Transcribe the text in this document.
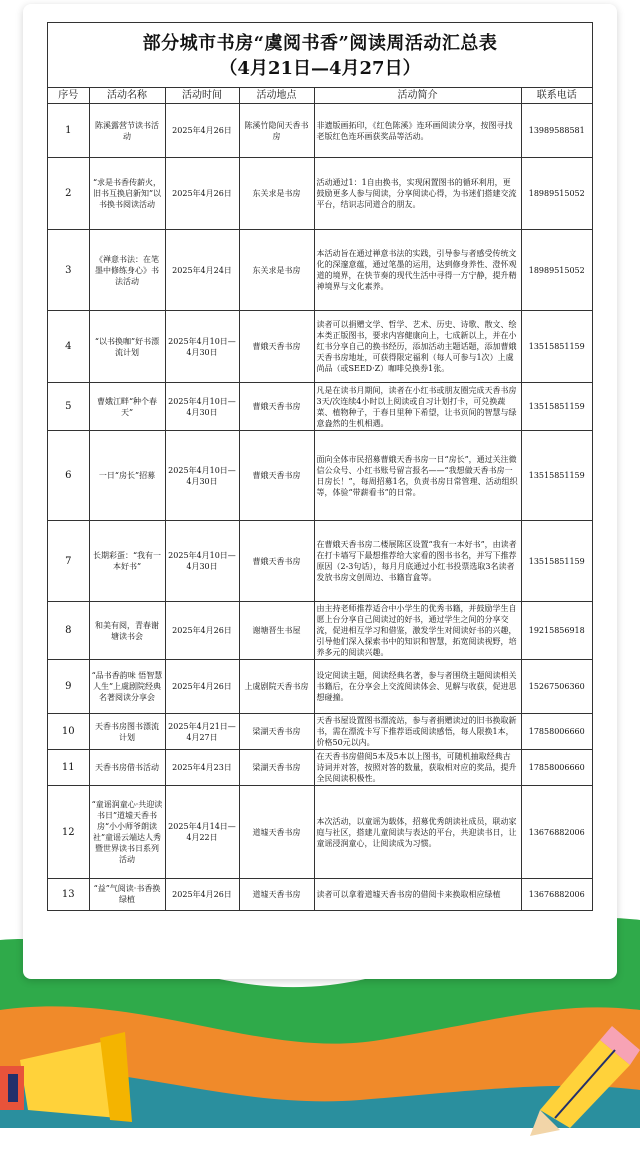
部分城市书房“虞阅书香”阅读周活动汇总表
（4月21日—4月27日）
序号	活动名称	活动时间	活动地点	活动简介	联系电话
1	陈溪露营节读书活动	2025年4月26日	陈溪竹隐间天香书房	非遗版画拓印，《红色陈溪》连环画阅读分享，按图寻找老版红色连环画获奖品等活动。	13989588581
2	“求是书香传薪火，旧书互换启新知”以书换书阅读活动	2025年4月26日	东关求是书房	活动通过1：1自由换书，实现闲置图书的循环利用，更鼓励更多人参与阅读，分享阅读心得，为书迷们搭建交流平台，结识志同道合的朋友。	18989515052
3	《禅意书法：在笔墨中修练身心》书法活动	2025年4月24日	东关求是书房	本活动旨在通过禅意书法的实践，引导参与者感受传统文化的深邃意蕴，通过笔墨的运用，达到修身养性、澄怀观道的境界，在快节奏的现代生活中寻得一方宁静，提升精神境界与文化素养。	18989515052
4	“以书换咖”好书漂流计划	2025年4月10日—4月30日	曹娥天香书房	读者可以捐赠文学、哲学、艺术、历史、诗歌、散文、绘本类正版图书，要求内容健康向上，七成新以上，并在小红书分享自己的换书经历，添加活动主题话题，添加曹娥天香书房地址，可获得限定福利（每人可参与1次）上虞尚品（或SEED·Z）咖啡兑换券1张。	13515851159
5	曹娥江畔“种个春天”	2025年4月10日—4月30日	曹娥天香书房	凡是在读书月期间，读者在小红书或朋友圈完成天香书房3天/次连续4小时以上阅读或自习计划打卡，可兑换蔬菜、植物种子，于春日里种下希望，让书页间的智慧与绿意盎然的生机相遇。	13515851159
6	一日“房长”招募	2025年4月10日—4月30日	曹娥天香书房	面向全体市民招募曹娥天香书房一日“房长”，通过关注微信公众号、小红书账号留言报名——“我想做天香书房一日房长！”，每周招募1名，负责书房日常管理、活动组织等，体验“带薪看书”的日常。	13515851159
7	长期彩蛋：“我有一本好书”	2025年4月10日—4月30日	曹娥天香书房	在曹娥天香书房二楼展陈区设置“我有一本好书”，由读者在打卡墙写下最想推荐给大家看的图书书名，并写下推荐原因（2-3句话），每月月底通过小红书投票选取3名读者发放书房文创周边、书籍盲盒等。	13515851159
8	和美有阅，青春谢塘读书会	2025年4月26日	谢塘晋生书屋	由主持老师推荐适合中小学生的优秀书籍，并鼓励学生自愿上台分享自己阅读过的好书，通过学生之间的分享交流，促进相互学习和借鉴，激发学生对阅读好书的兴趣，引导他们深入探索书中的知识和智慧，拓宽阅读视野，培养多元的阅读兴趣。	19215856918
9	“品书香韵味 悟智慧人生”上虞剧院经典名著阅读分享会	2025年4月26日	上虞剧院天香书房	设定阅读主题，阅读经典名著，参与者围绕主题阅读相关书籍后，在分享会上交流阅读体会、见解与收获，促进思想碰撞。	15267506360
10	天香书房图书漂流计划	2025年4月21日—4月27日	梁湖天香书房	天香书屋设置图书漂流站，参与者捐赠读过的旧书换取新书，需在漂流卡写下推荐语或阅读感悟，每人限换1本，价格50元以内。	17858006660
11	天香书房借书活动	2025年4月23日	梁湖天香书房	在天香书房借阅5本及5本以上图书，可随机抽取经典古诗词并对答，按照对答的数量，获取相对应的奖品，提升全民阅读积极性。	17858006660
12	“童谣润童心·共迎读书日”道墟天香书房“小小师爷朗读社”童谣云端达人秀暨世界读书日系列活动	2025年4月14日—4月22日	道墟天香书房	本次活动，以童谣为载体，招募优秀朗读社成员，联动家庭与社区，搭建儿童阅读与表达的平台，共迎读书日，让童谣浸润童心，让阅读成为习惯。	13676882006
13	“益”气阅读·书香换绿植	2025年4月26日	道墟天香书房	读者可以拿着道墟天香书房的借阅卡来换取相应绿植	13676882006
